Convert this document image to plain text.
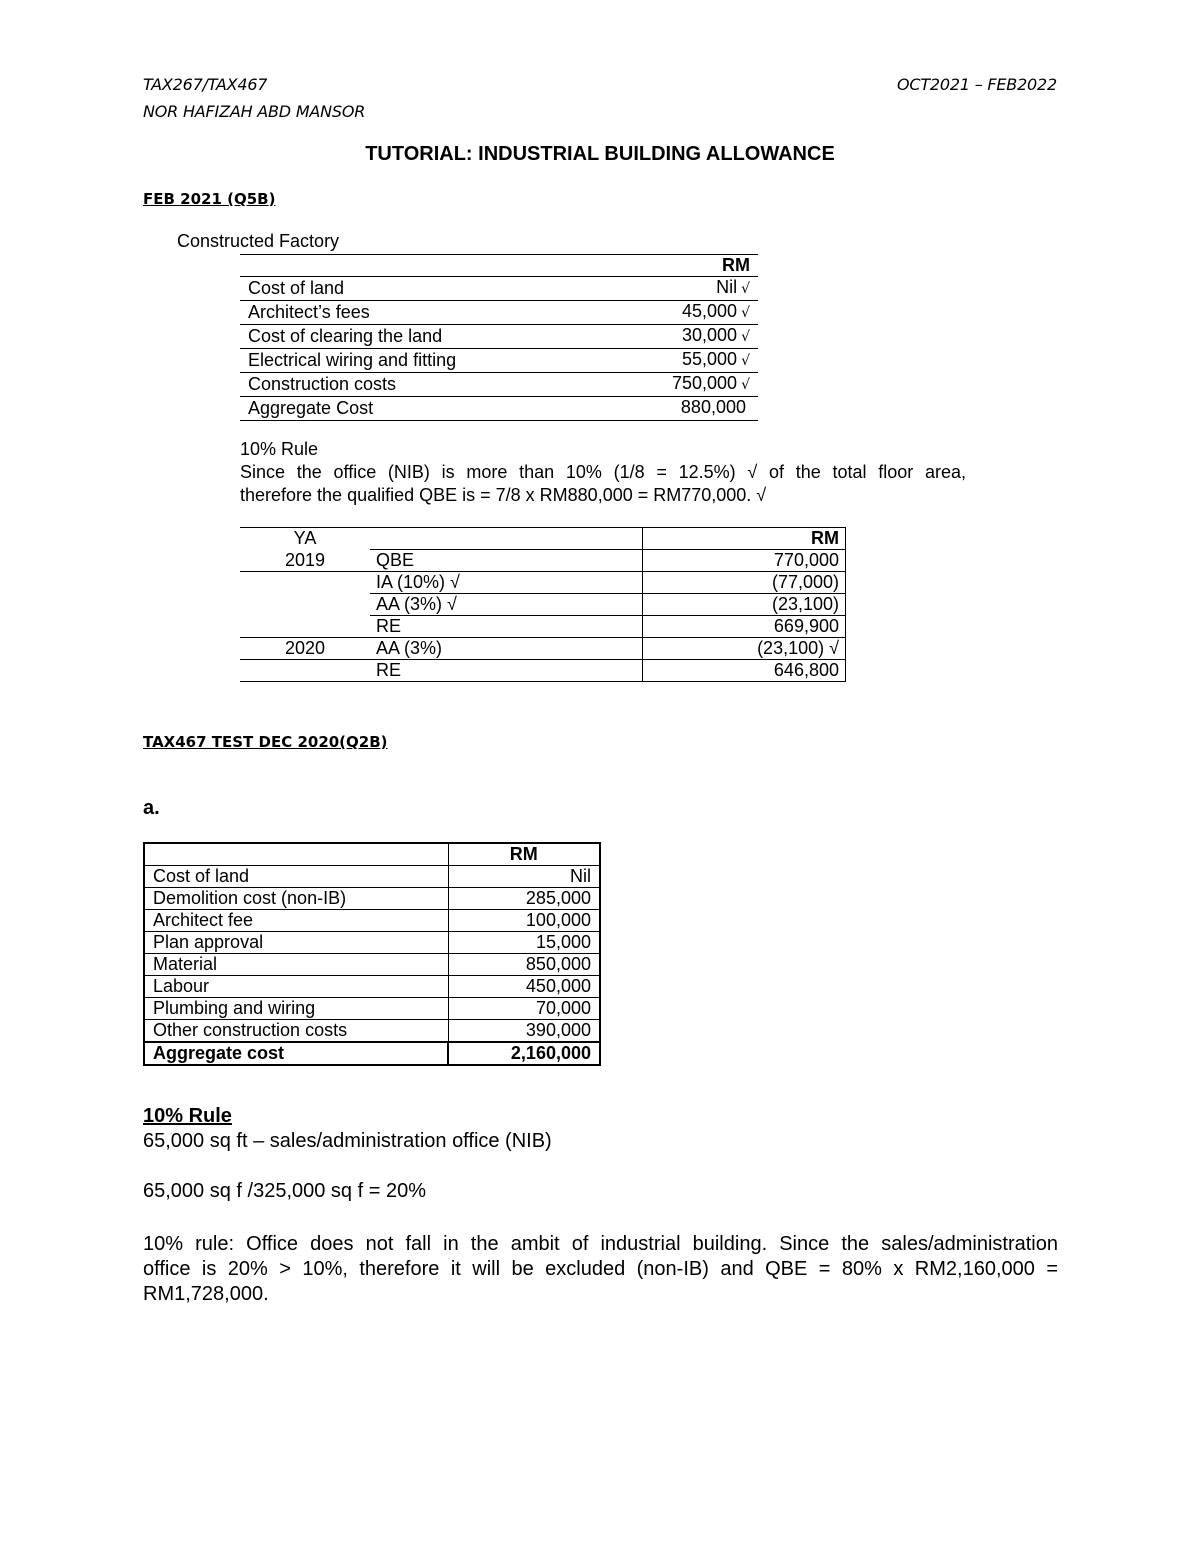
TAX267/TAX467
NOR HAFIZAH ABD MANSOR
OCT2021 – FEB2022
TUTORIAL: INDUSTRIAL BUILDING ALLOWANCE
FEB 2021 (Q5B)
Constructed Factory
	RM
Cost of land	Nil √
Architect’s fees	45,000 √
Cost of clearing the land	30,000 √
Electrical wiring and fitting	55,000 √
Construction costs	750,000 √
Aggregate Cost	880,000
10% Rule
Since the office (NIB) is more than 10% (1/8 = 12.5%) √ of the total floor area,
therefore the qualified QBE is = 7/8 x RM880,000 = RM770,000. √
YA		RM
2019	QBE	770,000
	IA (10%) √	(77,000)
	AA (3%) √	(23,100)
	RE	669,900
2020	AA (3%)	(23,100) √
	RE	646,800
TAX467 TEST DEC 2020(Q2B)
a.
	RM
Cost of land	Nil
Demolition cost (non-IB)	285,000
Architect fee	100,000
Plan approval	15,000
Material	850,000
Labour	450,000
Plumbing and wiring	70,000
Other construction costs	390,000
Aggregate cost	2,160,000
10% Rule
65,000 sq ft – sales/administration office (NIB)
65,000 sq f /325,000 sq f = 20%
10% rule: Office does not fall in the ambit of industrial building. Since the sales/administration
office is 20% > 10%, therefore it will be excluded (non-IB) and QBE = 80% x RM2,160,000 =
RM1,728,000.
